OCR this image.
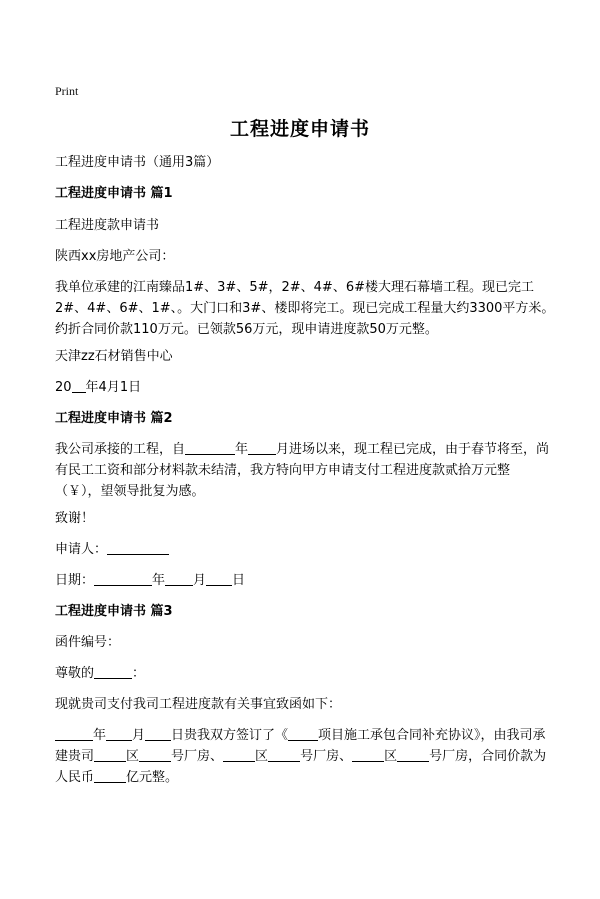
Print
工程进度申请书

工程进度申请书（通用3篇）

工程进度申请书 篇1

工程进度款申请书

陕西xx房地产公司：

我单位承建的江南臻品1#、3#、5#，2#、4#、6#楼大理石幕墙工程。现已完工2#、4#、6#、1#、。大门口和3#、楼即将完工。现已完成工程量大约3300平方米。约折合同价款110万元。已领款56万元，现申请进度款50万元整。

天津zz石材销售中心

20 年4月1日

工程进度申请书 篇2

我公司承接的工程，自	年 月进场以来，现工程已完成，由于春节将至，尚有民工工资和部分材料款未结清，我方特向甲方申请支付工程进度款贰拾万元整（￥），望领导批复为感。

致谢！

申请人：

日期：	年 月 日

工程进度申请书 篇3

函件编号：

尊敬的	：

现就贵司支付我司工程进度款有关事宜致函如下：

年 月 日贵我双方签订了《 项目施工承包合同补充协议》，由我司承建贵司 区 号厂房、 区 号厂房、 区 号厂房，合同价款为人民币 亿元整。
